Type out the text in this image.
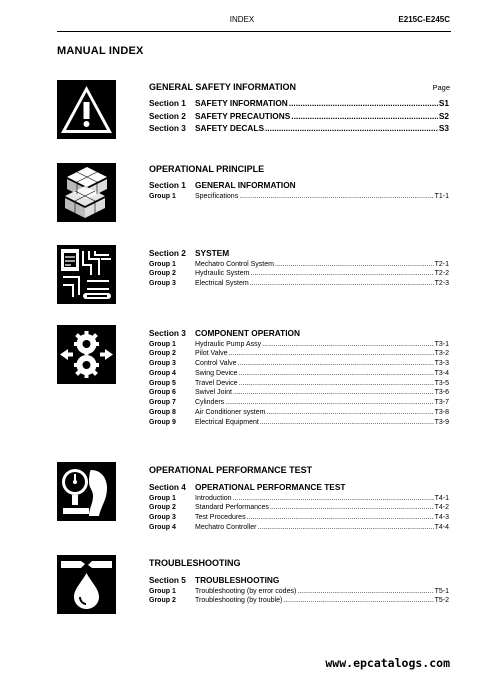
INDEX	E215C-E245C
MANUAL INDEX
GENERAL SAFETY INFORMATION	Page
Section 1	SAFETY INFORMATION .....	S1
Section 2	SAFETY PRECAUTIONS .....	S2
Section 3	SAFETY DECALS .....	S3
OPERATIONAL PRINCIPLE
Section 1	GENERAL INFORMATION
Group 1	Specifications .....	T1-1
Section 2	SYSTEM
Group 1	Mechatro Control System .....	T2-1
Group 2	Hydraulic System .....	T2-2
Group 3	Electrical System .....	T2-3
Section 3	COMPONENT OPERATION
Group 1	Hydraulic Pump Assy .....	T3-1
Group 2	Pilot Valve .....	T3-2
Group 3	Control Valve .....	T3-3
Group 4	Swing Device .....	T3-4
Group 5	Travel Device .....	T3-5
Group 6	Swivel Joint .....	T3-6
Group 7	Cylinders .....	T3-7
Group 8	Air Conditioner system .....	T3-8
Group 9	Electrical Equipment .....	T3-9
OPERATIONAL PERFORMANCE TEST
Section 4	OPERATIONAL PERFORMANCE TEST
Group 1	Introduction .....	T4-1
Group 2	Standard Performances .....	T4-2
Group 3	Test Procedures .....	T4-3
Group 4	Mechatro Controller .....	T4-4
TROUBLESHOOTING
Section 5	TROUBLESHOOTING
Group 1	Troubleshooting (by error codes) .....	T5-1
Group 2	Troubleshooting (by trouble) .....	T5-2
www.epcatalogs.com
